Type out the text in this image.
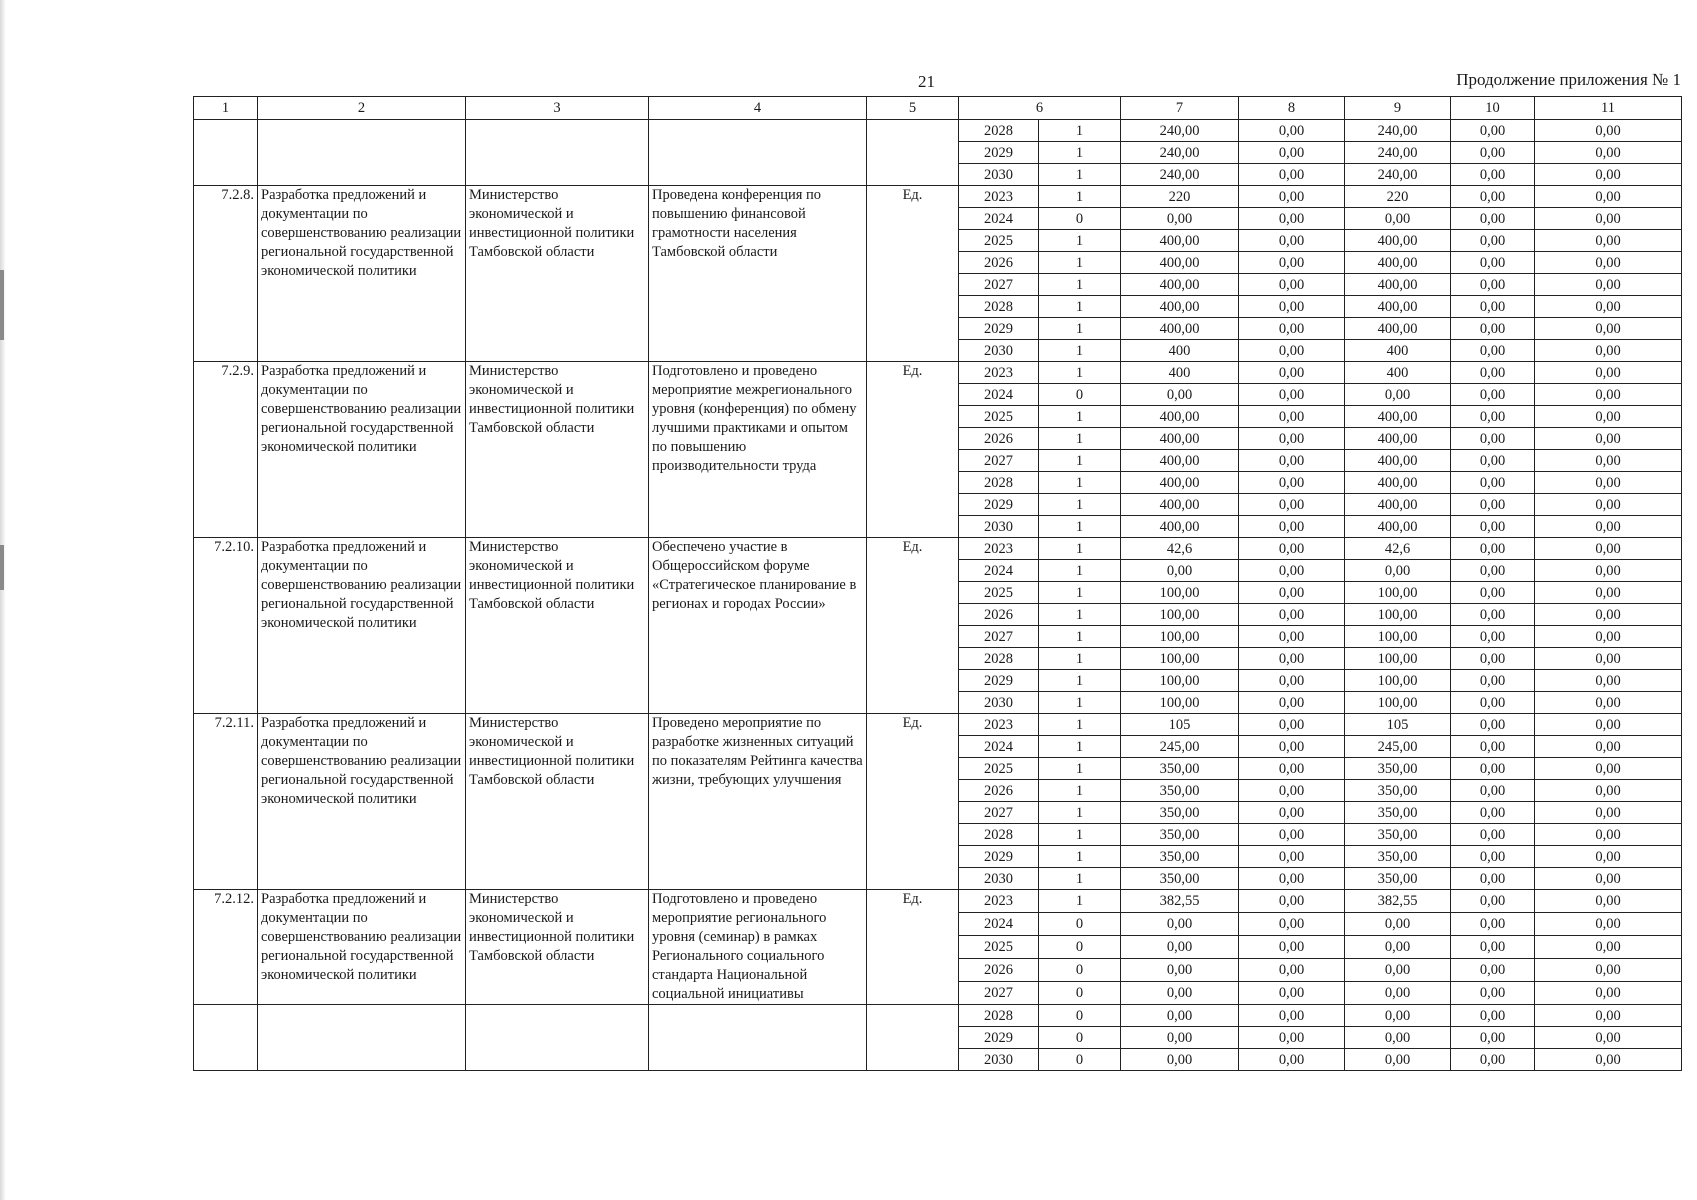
21	Продолжение приложения № 1
1	2	3	4	5	6		7	8	9	10	11
					2028	1	240,00	0,00	240,00	0,00	0,00
					2029	1	240,00	0,00	240,00	0,00	0,00
					2030	1	240,00	0,00	240,00	0,00	0,00
7.2.8.	Разработка предложений и документации по совершенствованию реализации региональной государственной экономической политики	Министерство экономической и инвестиционной политики Тамбовской области	Проведена конференция по повышению финансовой грамотности населения Тамбовской области	Ед.	2023	1	220	0,00	220	0,00	0,00
					2024	0	0,00	0,00	0,00	0,00	0,00
					2025	1	400,00	0,00	400,00	0,00	0,00
					2026	1	400,00	0,00	400,00	0,00	0,00
					2027	1	400,00	0,00	400,00	0,00	0,00
					2028	1	400,00	0,00	400,00	0,00	0,00
					2029	1	400,00	0,00	400,00	0,00	0,00
					2030	1	400	0,00	400	0,00	0,00
7.2.9.	Разработка предложений и документации по совершенствованию реализации региональной государственной экономической политики	Министерство экономической и инвестиционной политики Тамбовской области	Подготовлено и проведено мероприятие межрегионального уровня (конференция) по обмену лучшими практиками и опытом по повышению производительности труда	Ед.	2023	1	400	0,00	400	0,00	0,00
					2024	0	0,00	0,00	0,00	0,00	0,00
					2025	1	400,00	0,00	400,00	0,00	0,00
					2026	1	400,00	0,00	400,00	0,00	0,00
					2027	1	400,00	0,00	400,00	0,00	0,00
					2028	1	400,00	0,00	400,00	0,00	0,00
					2029	1	400,00	0,00	400,00	0,00	0,00
					2030	1	400,00	0,00	400,00	0,00	0,00
7.2.10.	Разработка предложений и документации по совершенствованию реализации региональной государственной экономической политики	Министерство экономической и инвестиционной политики Тамбовской области	Обеспечено участие в Общероссийском форуме «Стратегическое планирование в регионах и городах России»	Ед.	2023	1	42,6	0,00	42,6	0,00	0,00
					2024	1	0,00	0,00	0,00	0,00	0,00
					2025	1	100,00	0,00	100,00	0,00	0,00
					2026	1	100,00	0,00	100,00	0,00	0,00
					2027	1	100,00	0,00	100,00	0,00	0,00
					2028	1	100,00	0,00	100,00	0,00	0,00
					2029	1	100,00	0,00	100,00	0,00	0,00
					2030	1	100,00	0,00	100,00	0,00	0,00
7.2.11.	Разработка предложений и документации по совершенствованию реализации региональной государственной экономической политики	Министерство экономической и инвестиционной политики Тамбовской области	Проведено мероприятие по разработке жизненных ситуаций по показателям Рейтинга качества жизни, требующих улучшения	Ед.	2023	1	105	0,00	105	0,00	0,00
					2024	1	245,00	0,00	245,00	0,00	0,00
					2025	1	350,00	0,00	350,00	0,00	0,00
					2026	1	350,00	0,00	350,00	0,00	0,00
					2027	1	350,00	0,00	350,00	0,00	0,00
					2028	1	350,00	0,00	350,00	0,00	0,00
					2029	1	350,00	0,00	350,00	0,00	0,00
					2030	1	350,00	0,00	350,00	0,00	0,00
7.2.12.	Разработка предложений и документации по совершенствованию реализации региональной государственной экономической политики	Министерство экономической и инвестиционной политики Тамбовской области	Подготовлено и проведено мероприятие регионального уровня (семинар) в рамках Регионального социального стандарта Национальной социальной инициативы	Ед.	2023	1	382,55	0,00	382,55	0,00	0,00
					2024	0	0,00	0,00	0,00	0,00	0,00
					2025	0	0,00	0,00	0,00	0,00	0,00
					2026	0	0,00	0,00	0,00	0,00	0,00
					2027	0	0,00	0,00	0,00	0,00	0,00
					2028	0	0,00	0,00	0,00	0,00	0,00
					2029	0	0,00	0,00	0,00	0,00	0,00
					2030	0	0,00	0,00	0,00	0,00	0,00
